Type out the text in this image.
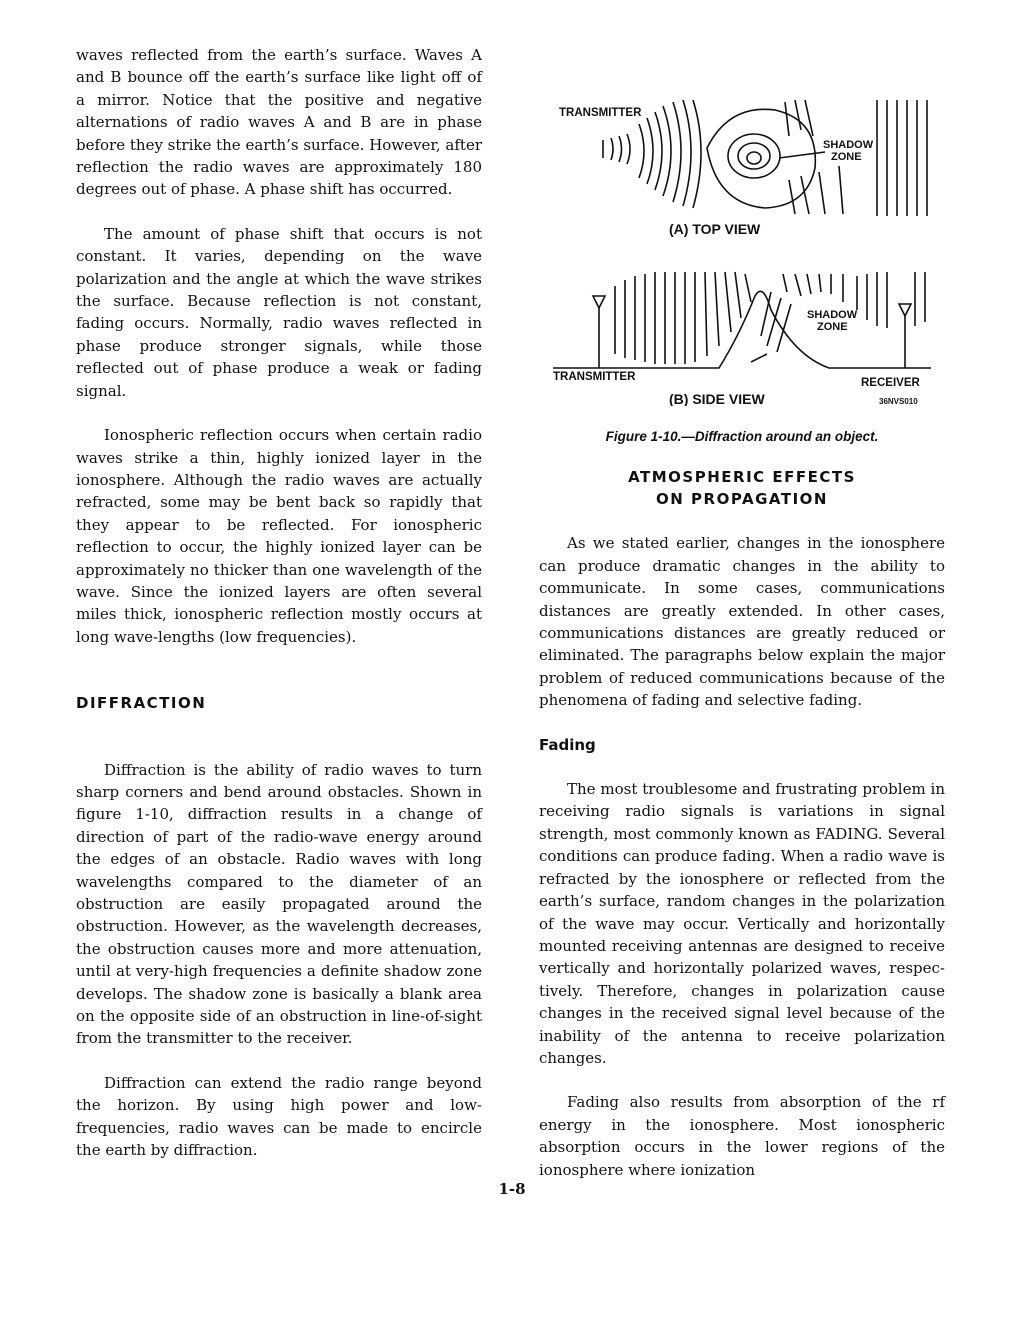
waves reflected from the earth’s surface. Waves A and B bounce off the earth’s surface like light off of a mirror. Notice that the positive and negative alternations of radio waves A and B are in phase before they strike the earth’s surface. However, after reflection the radio waves are approximately 180 degrees out of phase. A phase shift has occurred.

The amount of phase shift that occurs is not constant. It varies, depending on the wave polarization and the angle at which the wave strikes the surface. Because reflection is not constant, fading occurs. Normally, radio waves reflected in phase produce stronger signals, while those reflected out of phase produce a weak or fading signal.

Ionospheric reflection occurs when certain radio waves strike a thin, highly ionized layer in the ionosphere. Although the radio waves are actually refracted, some may be bent back so rapidly that they appear to be reflected. For ionospheric reflection to occur, the highly ionized layer can be approximately no thicker than one wavelength of the wave. Since the ionized layers are often several miles thick, ionospheric reflection mostly occurs at long wave-lengths (low frequencies).

DIFFRACTION

Diffraction is the ability of radio waves to turn sharp corners and bend around obstacles. Shown in figure 1-10, diffraction results in a change of direction of part of the radio-wave energy around the edges of an obstacle. Radio waves with long wavelengths compared to the diameter of an obstruction are easily propagated around the obstruction. However, as the wavelength decreases, the obstruction causes more and more attenuation, until at very-high frequencies a definite shadow zone develops. The shadow zone is basically a blank area on the opposite side of an obstruction in line-of-sight from the transmitter to the receiver.

Diffraction can extend the radio range beyond the horizon. By using high power and low-frequencies, radio waves can be made to encircle the earth by diffraction.

TRANSMITTER
SHADOW
ZONE
(A) TOP VIEW
SHADOW
ZONE
TRANSMITTER	RECEIVER
(B) SIDE VIEW	36NVS010
Figure 1-10.—Diffraction around an object.
ATMOSPHERIC EFFECTS
ON PROPAGATION

As we stated earlier, changes in the ionosphere can produce dramatic changes in the ability to communicate. In some cases, communications distances are greatly extended. In other cases, communications distances are greatly reduced or eliminated. The paragraphs below explain the major problem of reduced communications because of the phenomena of fading and selective fading.

Fading

The most troublesome and frustrating problem in receiving radio signals is variations in signal strength, most commonly known as FADING. Several conditions can produce fading. When a radio wave is refracted by the ionosphere or reflected from the earth’s surface, random changes in the polarization of the wave may occur. Vertically and horizontally mounted receiving antennas are designed to receive vertically and horizontally polarized waves, respec-tively. Therefore, changes in polarization cause changes in the received signal level because of the inability of the antenna to receive polarization changes.

Fading also results from absorption of the rf energy in the ionosphere. Most ionospheric absorption occurs in the lower regions of the ionosphere where ionization

1-8
